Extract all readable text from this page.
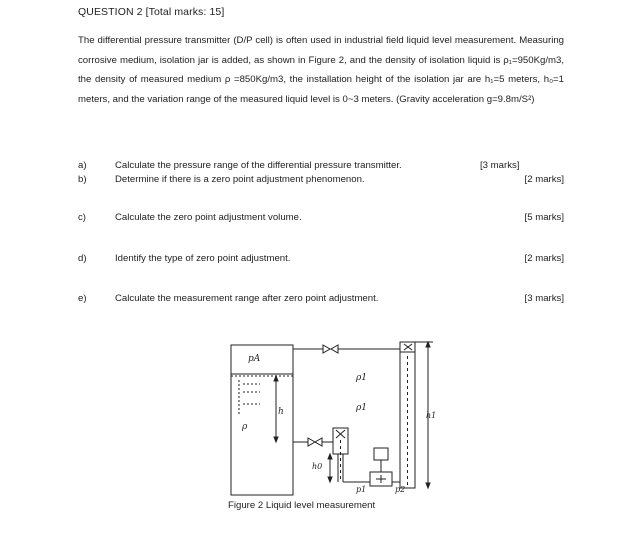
QUESTION 2 [Total marks: 15]
The differential pressure transmitter (D/P cell) is often used in industrial field liquid level measurement. Measuring corrosive medium, isolation jar is added, as shown in Figure 2, and the density of isolation liquid is ρ₁=950Kg/m3, the density of measured medium ρ =850Kg/m3, the installation height of the isolation jar are h₁=5 meters, h₀=1 meters, and the variation range of the measured liquid level is 0~3 meters. (Gravity acceleration g=9.8m/S²)
a)	Calculate the pressure range of the differential pressure transmitter.	[3 marks]
b)	Determine if there is a zero point adjustment phenomenon.	[2 marks]
c)	Calculate the zero point adjustment volume.	[5 marks]
d)	Identify the type of zero point adjustment.	[2 marks]
e)	Calculate the measurement range after zero point adjustment.	[3 marks]
pA
ρ1
ρ1
h
ρ
h1
h0
p1	p2
Figure 2 Liquid level measurement
